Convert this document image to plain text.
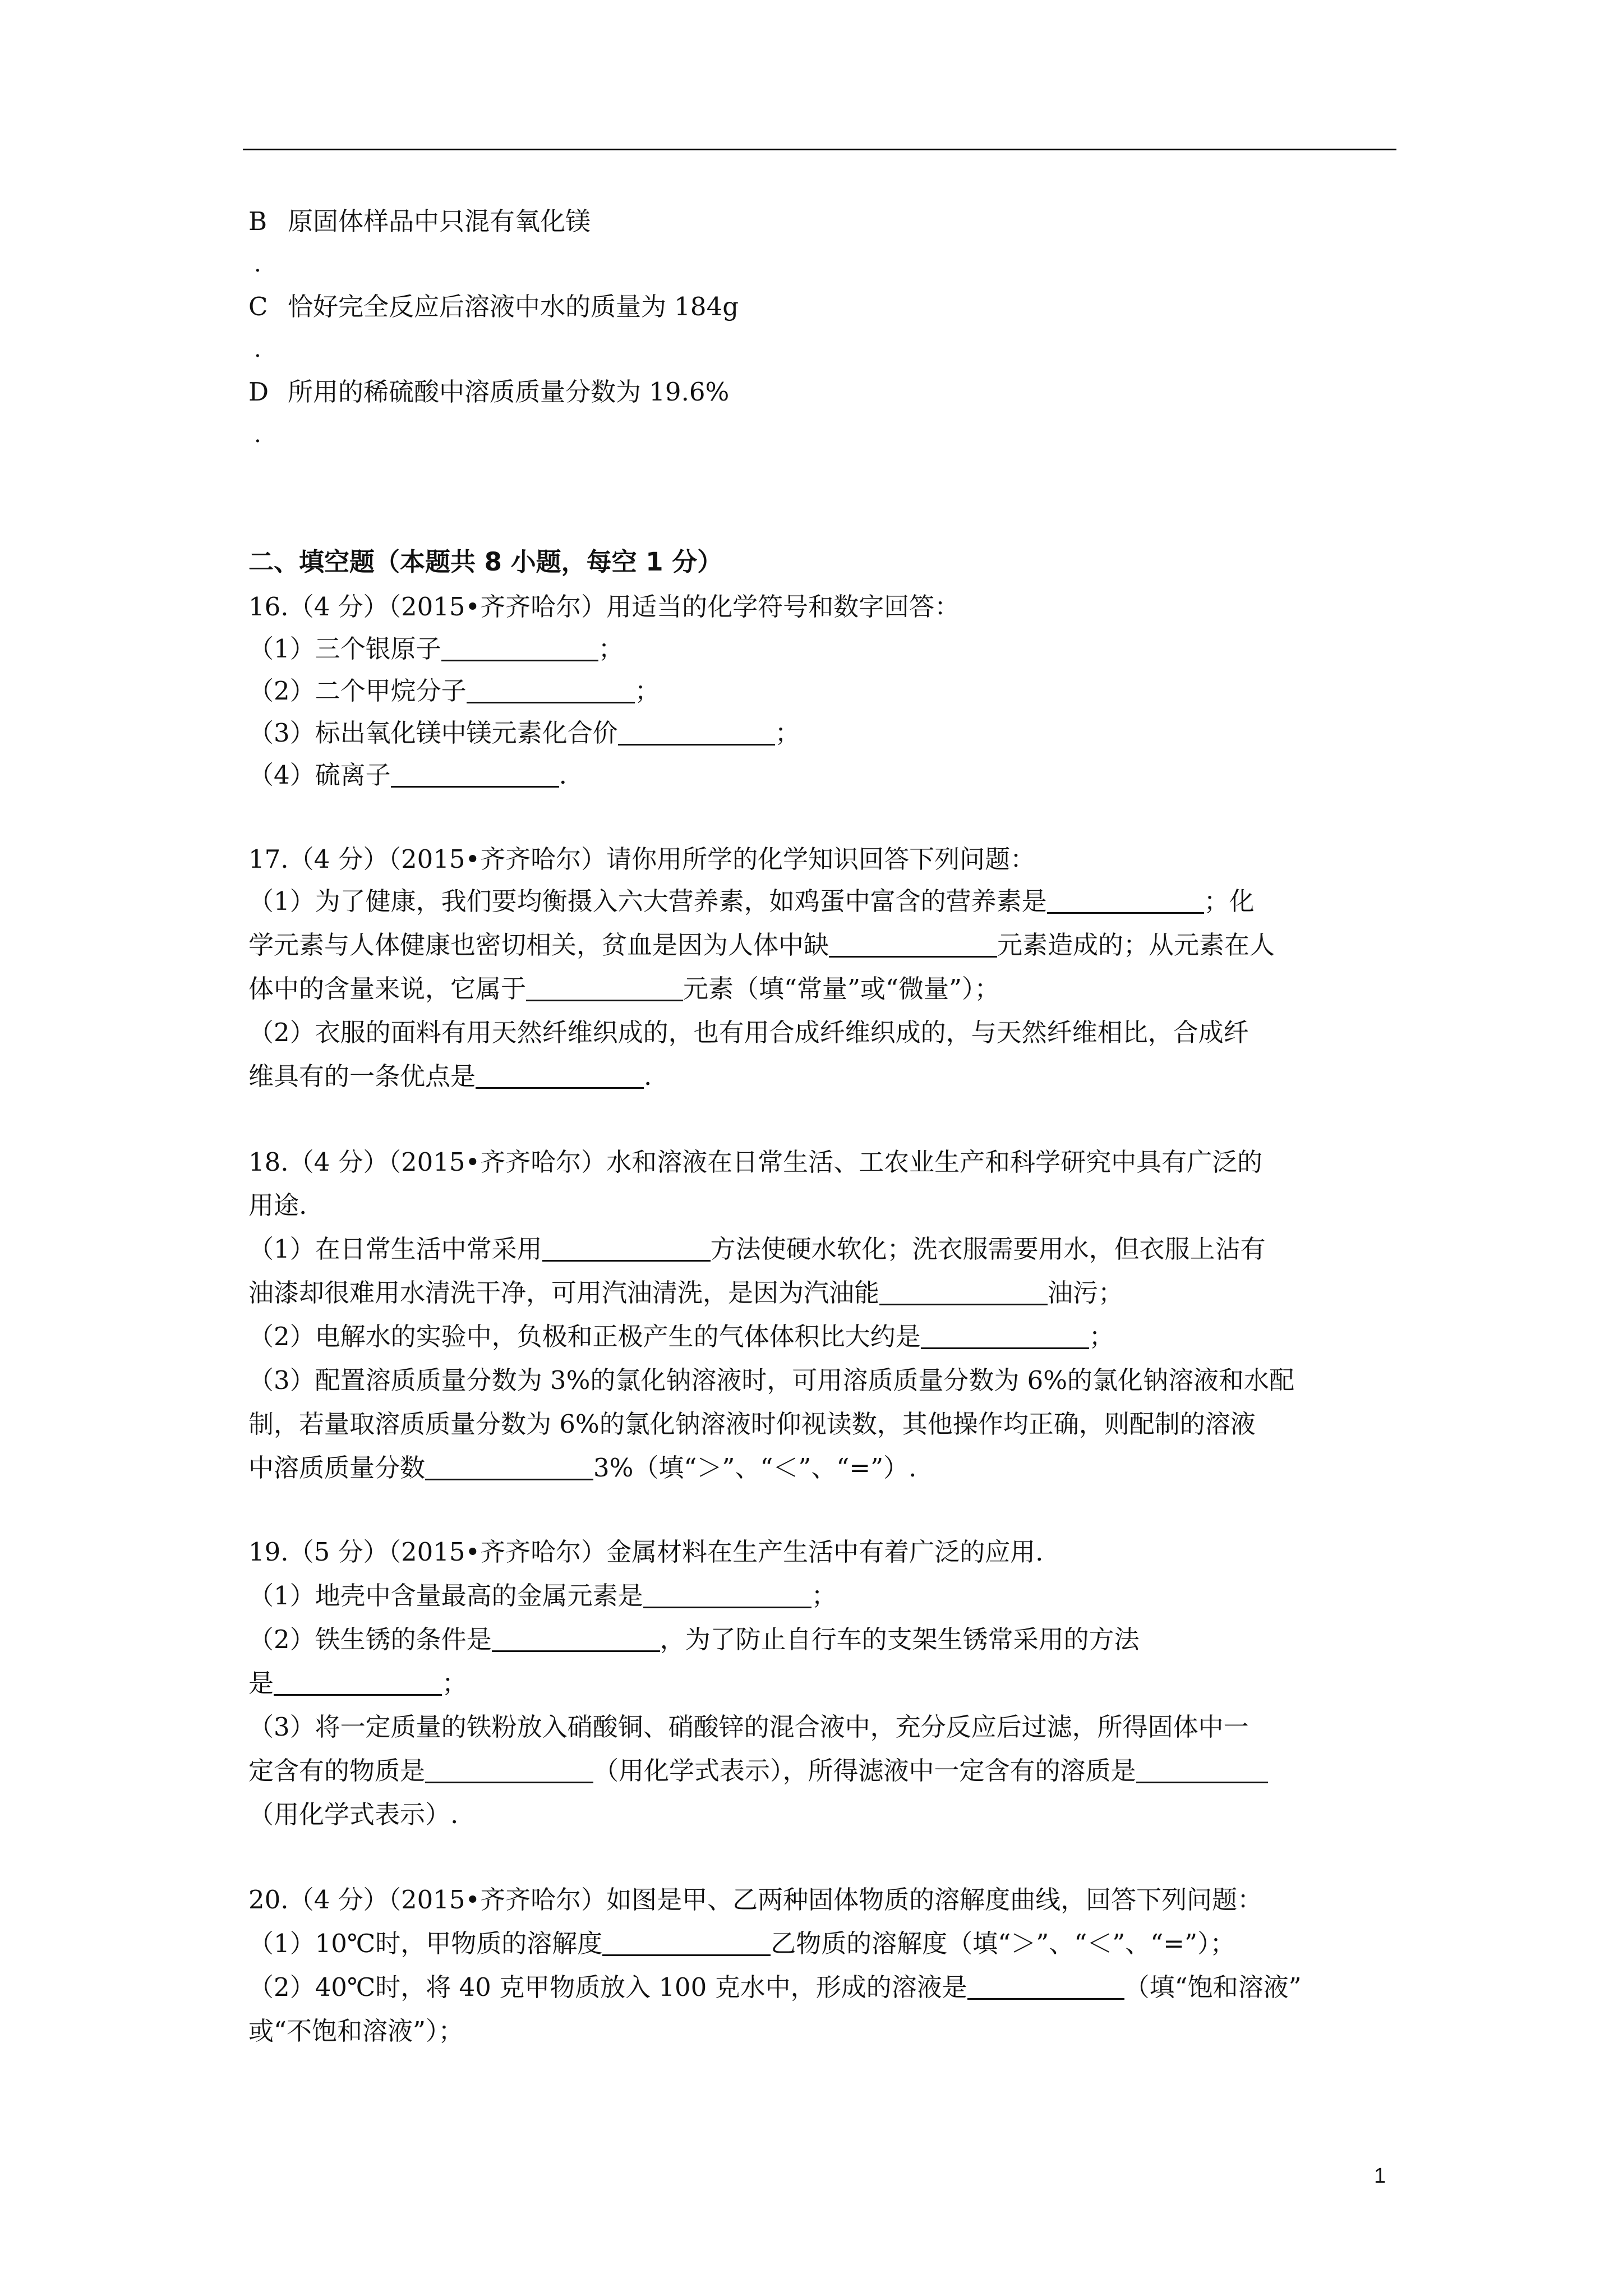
B 原固体样品中只混有氧化镁
.
C 恰好完全反应后溶液中水的质量为 184g
.
D 所用的稀硫酸中溶质质量分数为 19.6%
.
二、填空题（本题共 8 小题，每空 1 分）
16.（4 分）（2015•齐齐哈尔）用适当的化学符号和数字回答：
（1）三个银原子	；
（2）二个甲烷分子	；
（3）标出氧化镁中镁元素化合价	；
（4）硫离子	.
17.（4 分）（2015•齐齐哈尔）请你用所学的化学知识回答下列问题：
（1）为了健康，我们要均衡摄入六大营养素，如鸡蛋中富含的营养素是	；化
学元素与人体健康也密切相关，贫血是因为人体中缺	元素造成的；从元素在人
体中的含量来说，它属于	元素（填“常量”或“微量”）；
（2）衣服的面料有用天然纤维织成的，也有用合成纤维织成的，与天然纤维相比，合成纤
维具有的一条优点是	.
18.（4 分）（2015•齐齐哈尔）水和溶液在日常生活、工农业生产和科学研究中具有广泛的
用途.
（1）在日常生活中常采用	方法使硬水软化；洗衣服需要用水，但衣服上沾有
油漆却很难用水清洗干净，可用汽油清洗，是因为汽油能	油污；
（2）电解水的实验中，负极和正极产生的气体体积比大约是	；
（3）配置溶质质量分数为 3%的氯化钠溶液时，可用溶质质量分数为 6%的氯化钠溶液和水配
制，若量取溶质质量分数为 6%的氯化钠溶液时仰视读数，其他操作均正确，则配制的溶液
中溶质质量分数	3%（填“＞”、“＜”、“=”）.
19.（5 分）（2015•齐齐哈尔）金属材料在生产生活中有着广泛的应用.
（1）地壳中含量最高的金属元素是	；
（2）铁生锈的条件是	，为了防止自行车的支架生锈常采用的方法
是	；
（3）将一定质量的铁粉放入硝酸铜、硝酸锌的混合液中，充分反应后过滤，所得固体中一
定含有的物质是	（用化学式表示），所得滤液中一定含有的溶质是
（用化学式表示）.
20.（4 分）（2015•齐齐哈尔）如图是甲、乙两种固体物质的溶解度曲线，回答下列问题：
（1）10℃时，甲物质的溶解度	乙物质的溶解度（填“＞”、“＜”、“=”）；
（2）40℃时，将 40 克甲物质放入 100 克水中，形成的溶液是	（填“饱和溶液”
或“不饱和溶液”）；
1
